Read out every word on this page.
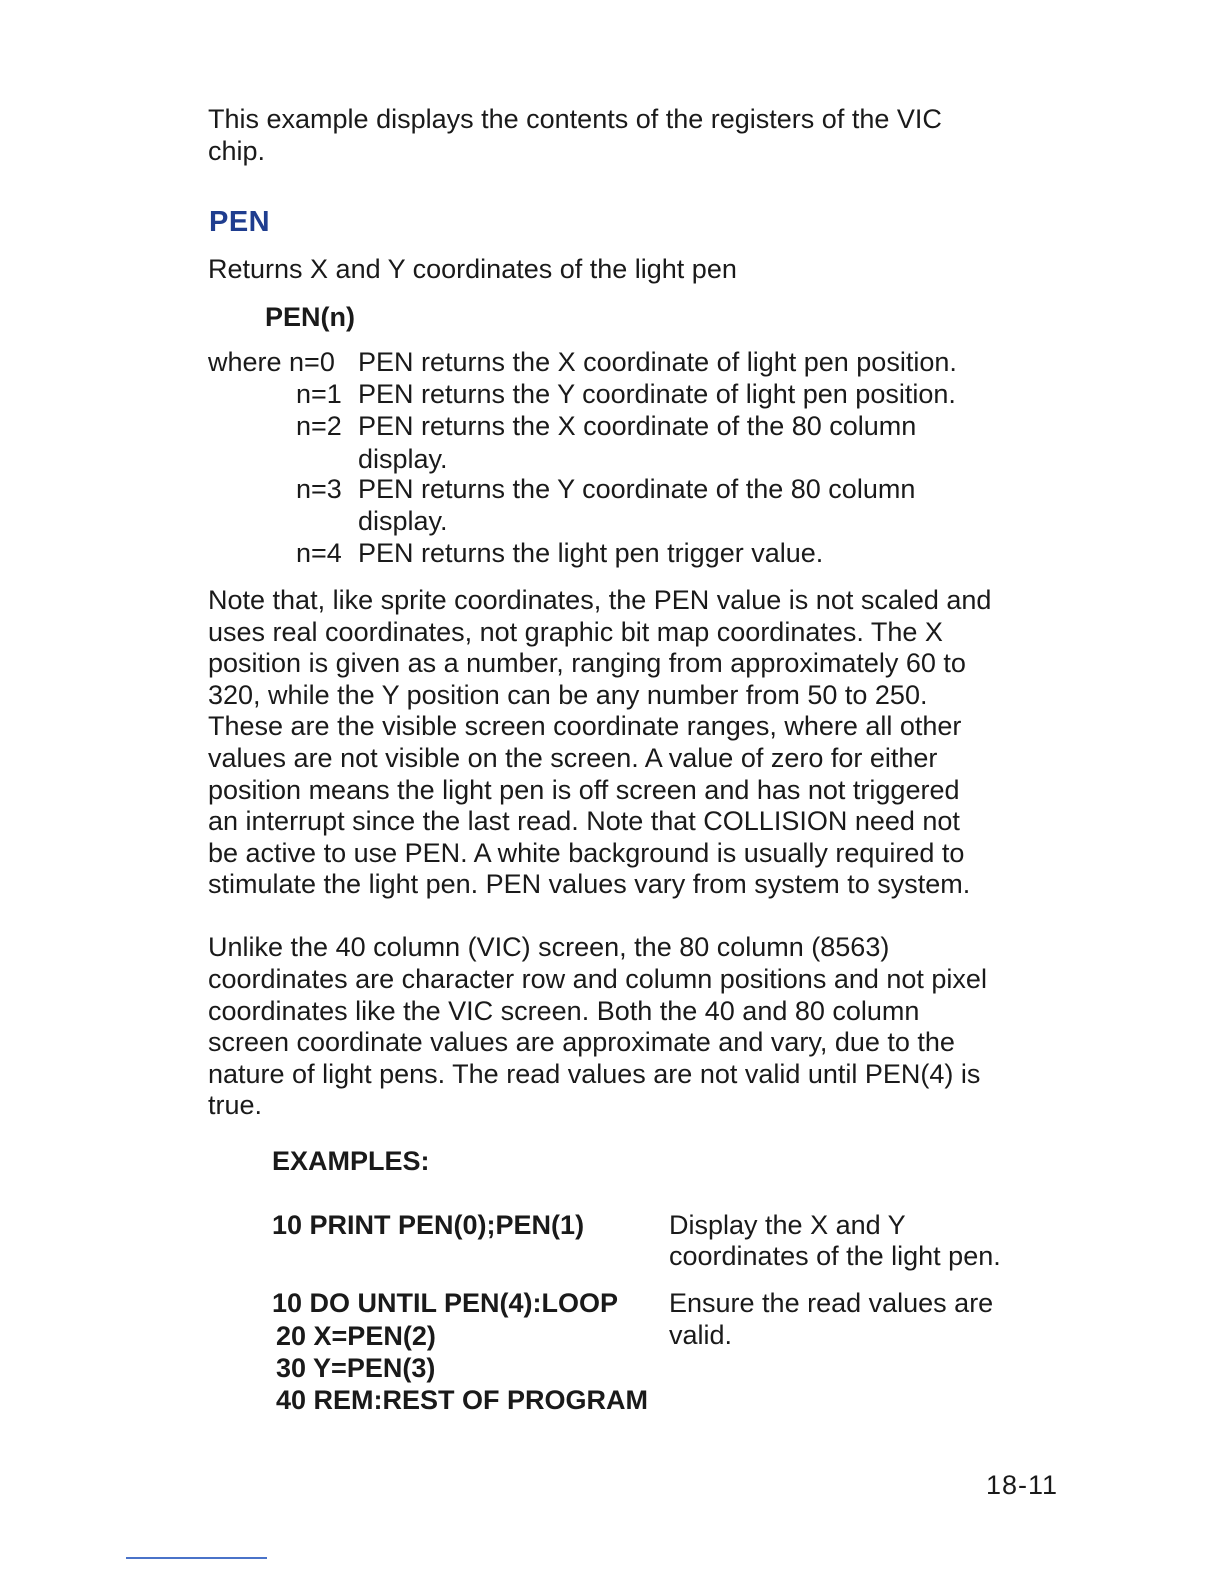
This example displays the contents of the registers of the VIC
chip.
PEN
Returns X and Y coordinates of the light pen
PEN(n)
where n=0 PEN returns the X coordinate of light pen position.
n=1 PEN returns the Y coordinate of light pen position.
n=2 PEN returns the X coordinate of the 80 column
display.
n=3 PEN returns the Y coordinate of the 80 column
display.
n=4 PEN returns the light pen trigger value.
Note that, like sprite coordinates, the PEN value is not scaled and
uses real coordinates, not graphic bit map coordinates. The X
position is given as a number, ranging from approximately 60 to
320, while the Y position can be any number from 50 to 250.
These are the visible screen coordinate ranges, where all other
values are not visible on the screen. A value of zero for either
position means the light pen is off screen and has not triggered
an interrupt since the last read. Note that COLLISION need not
be active to use PEN. A white background is usually required to
stimulate the light pen. PEN values vary from system to system.
Unlike the 40 column (VIC) screen, the 80 column (8563)
coordinates are character row and column positions and not pixel
coordinates like the VIC screen. Both the 40 and 80 column
screen coordinate values are approximate and vary, due to the
nature of light pens. The read values are not valid until PEN(4) is
true.
EXAMPLES:
10 PRINT PEN(0);PEN(1)	Display the X and Y
coordinates of the light pen.
10 DO UNTIL PEN(4):LOOP Ensure the read values are
20 X=PEN(2)	valid.
30 Y=PEN(3)
40 REM:REST OF PROGRAM
18-11
